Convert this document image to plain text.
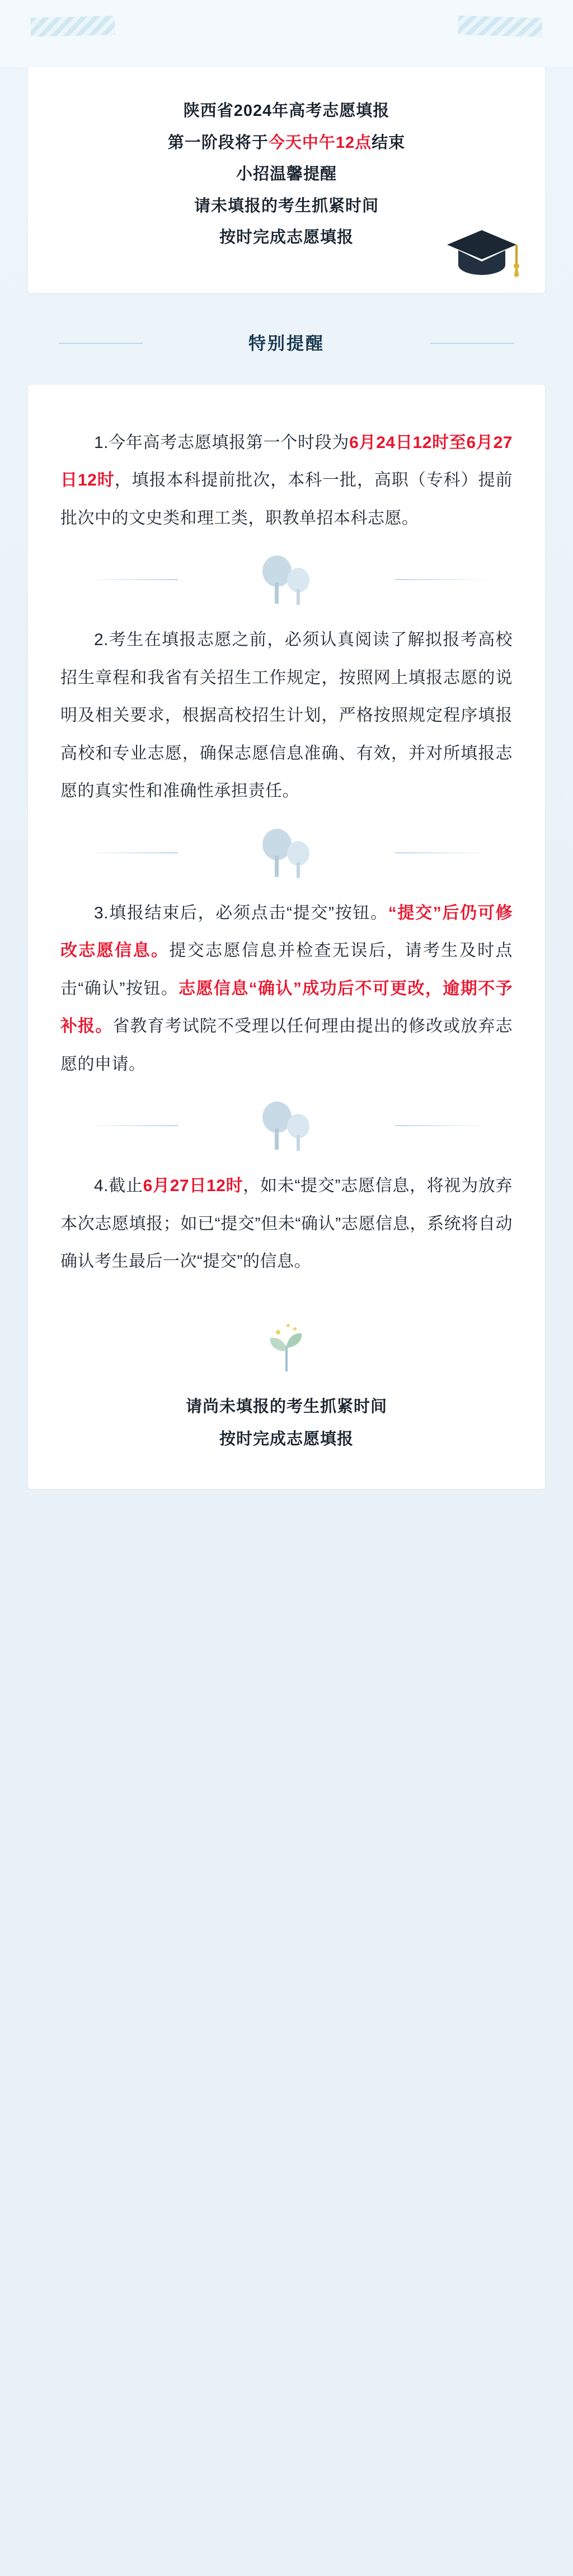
陕西省2024年高考志愿填报
第一阶段将于今天中午12点结束
小招温馨提醒
请未填报的考生抓紧时间
按时完成志愿填报
特别提醒

1.今年高考志愿填报第一个时段为6月24日12时至6月27日12时，填报本科提前批次，本科一批，高职（专科）提前批次中的文史类和理工类，职教单招本科志愿。

2.考生在填报志愿之前，必须认真阅读了解拟报考高校招生章程和我省有关招生工作规定，按照网上填报志愿的说明及相关要求，根据高校招生计划，严格按照规定程序填报高校和专业志愿，确保志愿信息准确、有效，并对所填报志愿的真实性和准确性承担责任。

3.填报结束后，必须点击“提交”按钮。“提交”后仍可修改志愿信息。提交志愿信息并检查无误后，请考生及时点击“确认”按钮。志愿信息“确认”成功后不可更改，逾期不予补报。省教育考试院不受理以任何理由提出的修改或放弃志愿的申请。

4.截止6月27日12时，如未“提交”志愿信息，将视为放弃本次志愿填报；如已“提交”但未“确认”志愿信息，系统将自动确认考生最后一次“提交”的信息。

请尚未填报的考生抓紧时间
按时完成志愿填报
